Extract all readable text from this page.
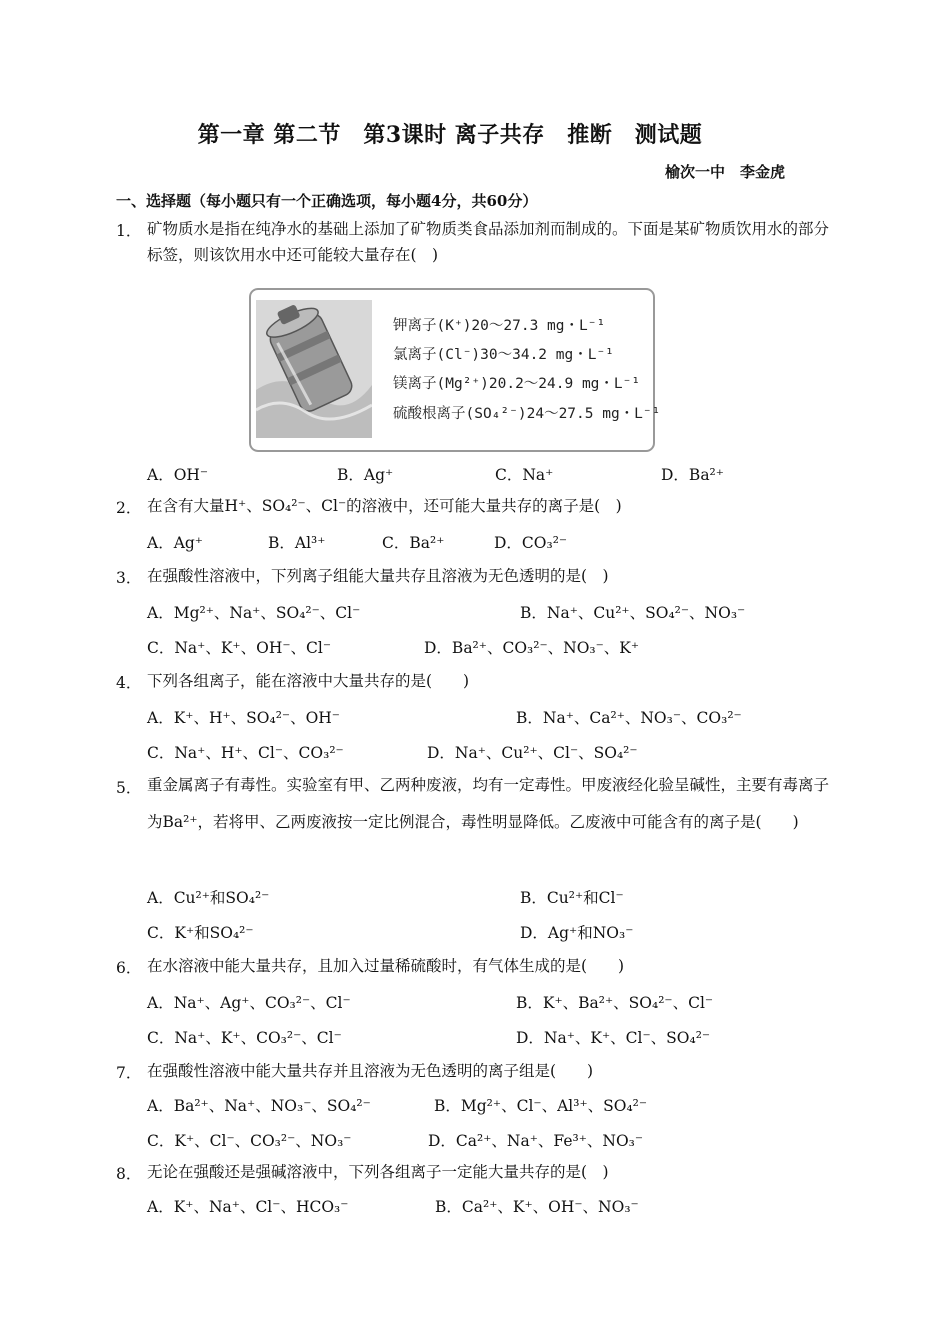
第一章 第二节　第3课时 离子共存　推断　测试题
榆次一中　李金虎
一、选择题（每小题只有一个正确选项，每小题4分，共60分）
1． 矿物质水是指在纯净水的基础上添加了矿物质类食品添加剂而制成的。下面是某矿物质饮用水的部分标签，则该饮用水中还可能较大量存在(　)
钾离子(K⁺)20～27.3 mg・L⁻¹
氯离子(Cl⁻)30～34.2 mg・L⁻¹
镁离子(Mg²⁺)20.2～24.9 mg・L⁻¹
硫酸根离子(SO₄²⁻)24～27.5 mg・L⁻¹
A．OH⁻	B．Ag⁺	C．Na⁺	D．Ba²⁺
2． 在含有大量H⁺、SO₄²⁻、Cl⁻的溶液中，还可能大量共存的离子是(　)
A．Ag⁺	B．Al³⁺	C．Ba²⁺	D．CO₃²⁻
3． 在强酸性溶液中，下列离子组能大量共存且溶液为无色透明的是(　)
A．Mg²⁺、Na⁺、SO₄²⁻、Cl⁻	B．Na⁺、Cu²⁺、SO₄²⁻、NO₃⁻
C．Na⁺、K⁺、OH⁻、Cl⁻	D．Ba²⁺、CO₃²⁻、NO₃⁻、K⁺
4． 下列各组离子，能在溶液中大量共存的是(　　)
A．K⁺、H⁺、SO₄²⁻、OH⁻	B．Na⁺、Ca²⁺、NO₃⁻、CO₃²⁻
C．Na⁺、H⁺、Cl⁻、CO₃²⁻	D．Na⁺、Cu²⁺、Cl⁻、SO₄²⁻
5． 重金属离子有毒性。实验室有甲、乙两种废液，均有一定毒性。甲废液经化验呈碱性，主要有毒离子为Ba²⁺，若将甲、乙两废液按一定比例混合，毒性明显降低。乙废液中可能含有的离子是(　　)
A．Cu²⁺和SO₄²⁻	B．Cu²⁺和Cl⁻
C．K⁺和SO₄²⁻	D．Ag⁺和NO₃⁻
6． 在水溶液中能大量共存，且加入过量稀硫酸时，有气体生成的是(　　)
A．Na⁺、Ag⁺、CO₃²⁻、Cl⁻	B．K⁺、Ba²⁺、SO₄²⁻、Cl⁻
C．Na⁺、K⁺、CO₃²⁻、Cl⁻	D．Na⁺、K⁺、Cl⁻、SO₄²⁻
7． 在强酸性溶液中能大量共存并且溶液为无色透明的离子组是(　　)
A．Ba²⁺、Na⁺、NO₃⁻、SO₄²⁻	B．Mg²⁺、Cl⁻、Al³⁺、SO₄²⁻
C．K⁺、Cl⁻、CO₃²⁻、NO₃⁻	D．Ca²⁺、Na⁺、Fe³⁺、NO₃⁻
8． 无论在强酸还是强碱溶液中，下列各组离子一定能大量共存的是(　)
A．K⁺、Na⁺、Cl⁻、HCO₃⁻	B．Ca²⁺、K⁺、OH⁻、NO₃⁻
